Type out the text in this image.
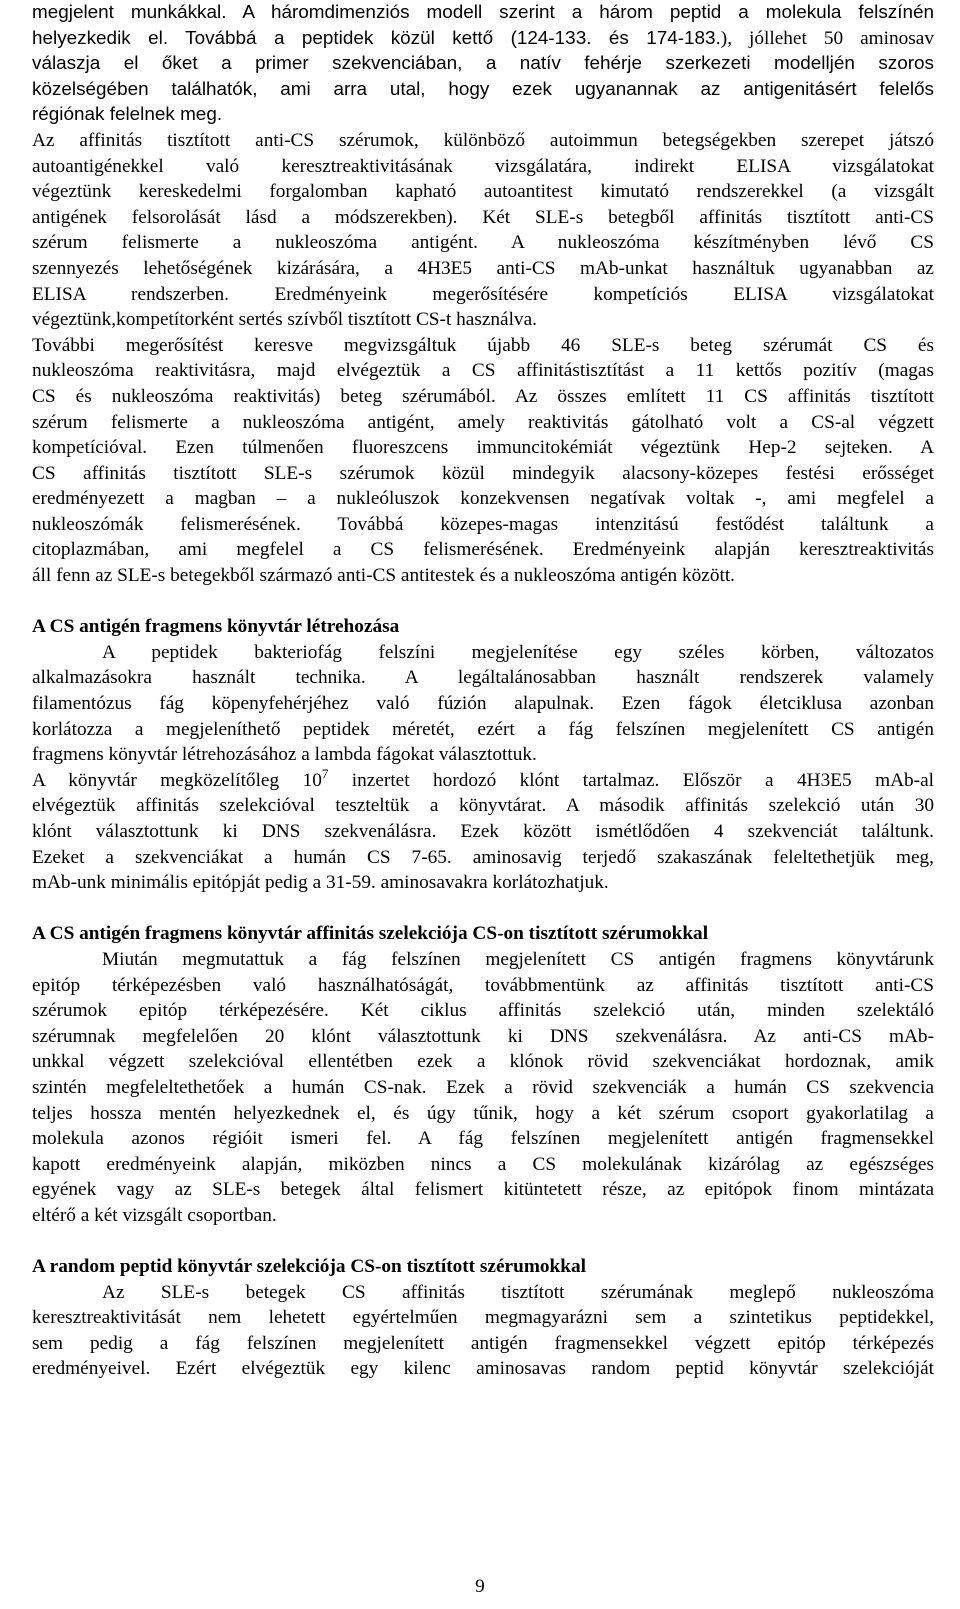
megjelent munkákkal. A háromdimenziós modell szerint a három peptid a molekula felszínén

helyezkedik el. Továbbá a peptidek közül kettő (124-133. és 174-183.), jóllehet 50 aminosav

válaszja el őket a primer szekvenciában, a natív fehérje szerkezeti modelljén szoros

közelségében találhatók, ami arra utal, hogy ezek ugyanannak az antigenitásért felelős

régiónak felelnek meg.

Az affinitás tisztított anti-CS szérumok, különböző autoimmun betegségekben szerepet játszó

autoantigénekkel való keresztreaktivitásának vizsgálatára, indirekt ELISA vizsgálatokat

végeztünk kereskedelmi forgalomban kapható autoantitest kimutató rendszerekkel (a vizsgált

antigének felsorolását lásd a módszerekben). Két SLE-s betegből affinitás tisztított anti-CS

szérum felismerte a nukleoszóma antigént. A nukleoszóma készítményben lévő CS

szennyezés lehetőségének kizárására, a 4H3E5 anti-CS mAb-unkat használtuk ugyanabban az

ELISA rendszerben. Eredményeink megerősítésére kompetíciós ELISA vizsgálatokat

végeztünk,kompetítorként sertés szívből tisztított CS-t használva.

További megerősítést keresve megvizsgáltuk újabb 46 SLE-s beteg szérumát CS és

nukleoszóma reaktivitásra, majd elvégeztük a CS affinitástisztítást a 11 kettős pozitív (magas

CS és nukleoszóma reaktivitás) beteg szérumából. Az összes említett 11 CS affinitás tisztított

szérum felismerte a nukleoszóma antigént, amely reaktivitás gátolható volt a CS-al végzett

kompetícióval. Ezen túlmenően fluoreszcens immuncitokémiát végeztünk Hep-2 sejteken. A

CS affinitás tisztított SLE-s szérumok közül mindegyik alacsony-közepes festési erősséget

eredményezett a magban – a nukleóluszok konzekvensen negatívak voltak -, ami megfelel a

nukleoszómák felismerésének. Továbbá közepes-magas intenzitású festődést találtunk a

citoplazmában, ami megfelel a CS felismerésének. Eredményeink alapján keresztreaktivitás

áll fenn az SLE-s betegekből származó anti-CS antitestek és a nukleoszóma antigén között.

A CS antigén fragmens könyvtár létrehozása

A peptidek bakteriofág felszíni megjelenítése egy széles körben, változatos

alkalmazásokra használt technika. A legáltalánosabban használt rendszerek valamely

filamentózus fág köpenyfehérjéhez való fúzión alapulnak. Ezen fágok életciklusa azonban

korlátozza a megjeleníthető peptidek méretét, ezért a fág felszínen megjelenített CS antigén

fragmens könyvtár létrehozásához a lambda fágokat választottuk.

A könyvtár megközelítőleg $10^7$ inzertet hordozó klónt tartalmaz. Először a 4H3E5 mAb-al

elvégeztük affinitás szelekcióval teszteltük a könyvtárat. A második affinitás szelekció után 30

klónt választottunk ki DNS szekvenálásra. Ezek között ismétlődően 4 szekvenciát találtunk.

Ezeket a szekvenciákat a humán CS 7-65. aminosavig terjedő szakaszának feleltethetjük meg,

mAb-unk minimális epitópját pedig a 31-59. aminosavakra korlátozhatjuk.

A CS antigén fragmens könyvtár affinitás szelekciója CS-on tisztított szérumokkal

Miután megmutattuk a fág felszínen megjelenített CS antigén fragmens könyvtárunk

epitóp térképezésben való használhatóságát, továbbmentünk az affinitás tisztított anti-CS

szérumok epitóp térképezésére. Két ciklus affinitás szelekció után, minden szelektáló

szérumnak megfelelően 20 klónt választottunk ki DNS szekvenálásra. Az anti-CS mAb-

unkkal végzett szelekcióval ellentétben ezek a klónok rövid szekvenciákat hordoznak, amik

szintén megfeleltethetőek a humán CS-nak. Ezek a rövid szekvenciák a humán CS szekvencia

teljes hossza mentén helyezkednek el, és úgy tűnik, hogy a két szérum csoport gyakorlatilag a

molekula azonos régióit ismeri fel. A fág felszínen megjelenített antigén fragmensekkel

kapott eredményeink alapján, miközben nincs a CS molekulának kizárólag az egészséges

egyének vagy az SLE-s betegek által felismert kitüntetett része, az epitópok finom mintázata

eltérő a két vizsgált csoportban.

A random peptid könyvtár szelekciója CS-on tisztított szérumokkal

Az SLE-s betegek CS affinitás tisztított szérumának meglepő nukleoszóma

keresztreaktivitását nem lehetett egyértelműen megmagyarázni sem a szintetikus peptidekkel,

sem pedig a fág felszínen megjelenített antigén fragmensekkel végzett epitóp térképezés

eredményeivel. Ezért elvégeztük egy kilenc aminosavas random peptid könyvtár szelekcióját

9
